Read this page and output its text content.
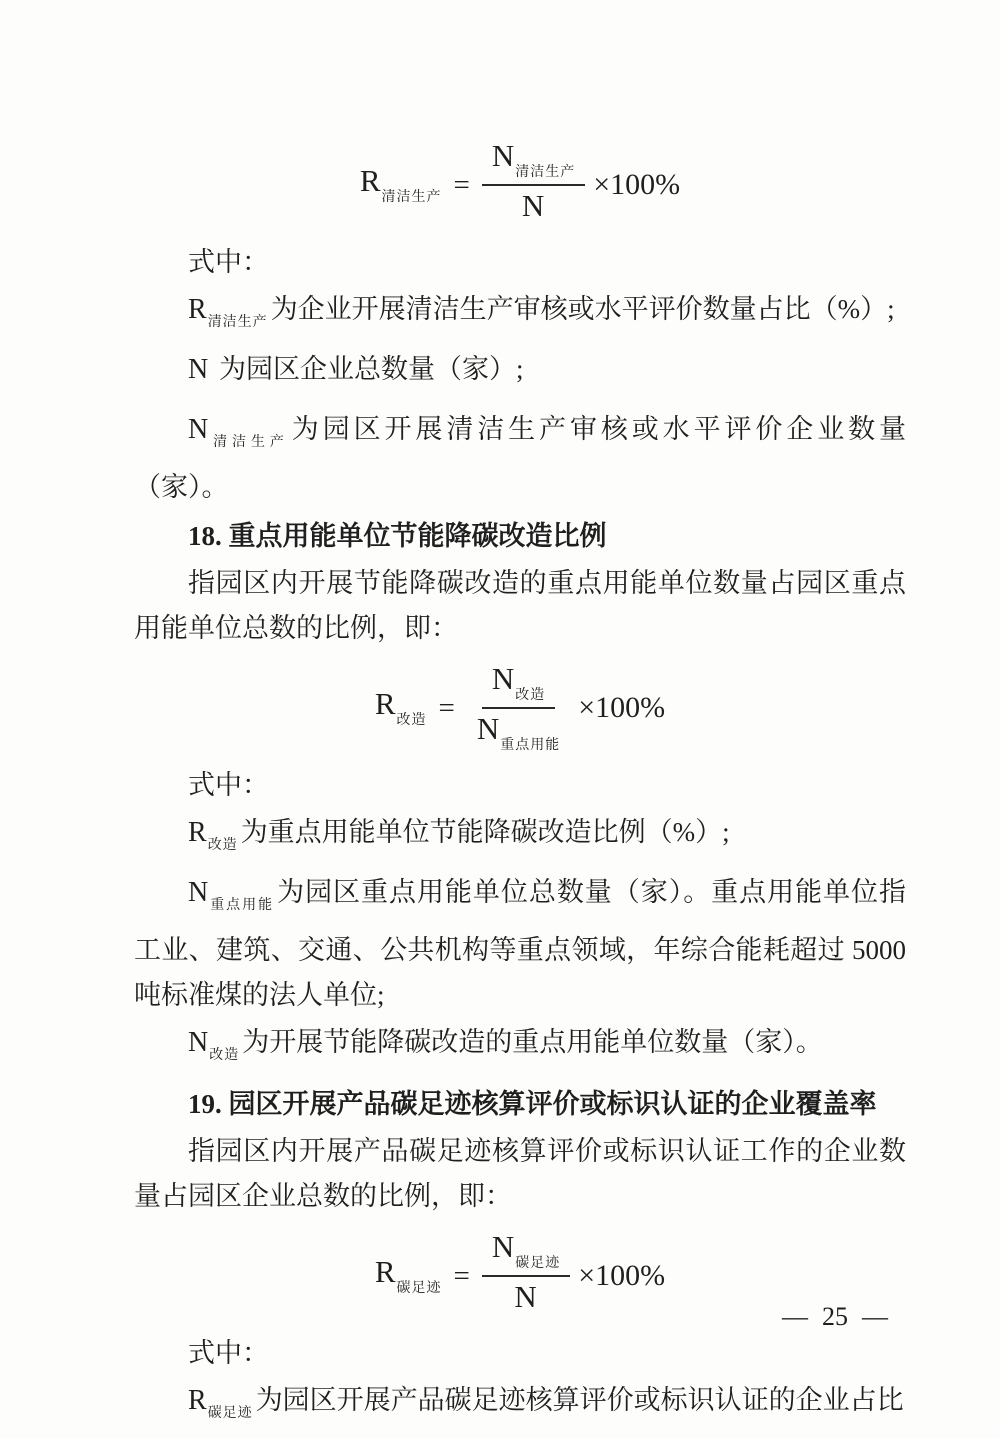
$R_{清洁生产} = \frac{N_{清洁生产}}{N} \times 100\%$

式中：

$R_{清洁生产}$ 为企业开展清洁生产审核或水平评价数量占比（%）;

N 为园区企业总数量（家）;

$N_{清洁生产}$ 为园区开展清洁生产审核或水平评价企业数量（家）。

18. 重点用能单位节能降碳改造比例

指园区内开展节能降碳改造的重点用能单位数量占园区重点用能单位总数的比例，即：

$R_{改造} = \frac{N_{改造}}{N_{重点用能}} \times 100\%$

式中：

$R_{改造}$ 为重点用能单位节能降碳改造比例（%）;

$N_{重点用能}$ 为园区重点用能单位总数量（家）。重点用能单位指工业、建筑、交通、公共机构等重点领域，年综合能耗超过 5000 吨标准煤的法人单位;

$N_{改造}$ 为开展节能降碳改造的重点用能单位数量（家）。

19. 园区开展产品碳足迹核算评价或标识认证的企业覆盖率

指园区内开展产品碳足迹核算评价或标识认证工作的企业数量占园区企业总数的比例，即：

$R_{碳足迹} = \frac{N_{碳足迹}}{N} \times 100\%$

式中：

$R_{碳足迹}$ 为园区开展产品碳足迹核算评价或标识认证的企业占比

— 25 —
